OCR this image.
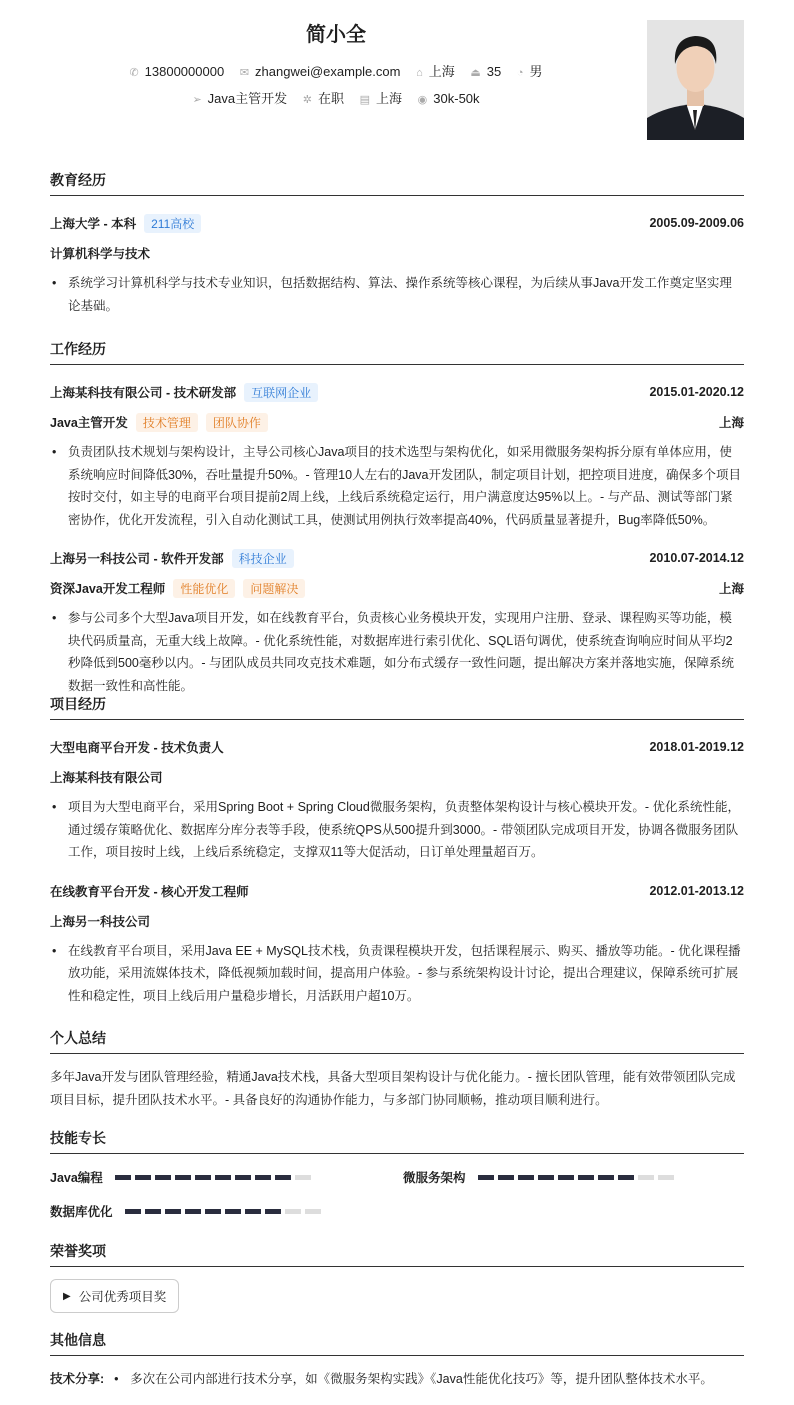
简小全
✆ 13800000000 ✉ zhangwei@example.com ⌂ 上海 ⏏ 35 ◔ 男
➢ Java主管开发 ✲ 在职 ▤ 上海 ◉ 30k-50k
教育经历
上海大学 - 本科	211高校	2005.09-2009.06
计算机科学与技术
• 系统学习计算机科学与技术专业知识，包括数据结构、算法、操作系统等核心课程，为后续从事Java开发工作奠定坚实理论基础。
工作经历
上海某科技有限公司 - 技术研发部	互联网企业	2015.01-2020.12
Java主管开发	技术管理	团队协作	上海
• 负责团队技术规划与架构设计，主导公司核心Java项目的技术选型与架构优化，如采用微服务架构拆分原有单体应用，使系统响应时间降低30%，吞吐量提升50%。- 管理10人左右的Java开发团队，制定项目计划，把控项目进度，确保多个项目按时交付，如主导的电商平台项目提前2周上线，上线后系统稳定运行，用户满意度达95%以上。- 与产品、测试等部门紧密协作，优化开发流程，引入自动化测试工具，使测试用例执行效率提高40%，代码质量显著提升，Bug率降低50%。
上海另一科技公司 - 软件开发部	科技企业	2010.07-2014.12
资深Java开发工程师	性能优化	问题解决	上海
• 参与公司多个大型Java项目开发，如在线教育平台，负责核心业务模块开发，实现用户注册、登录、课程购买等功能，模块代码质量高，无重大线上故障。- 优化系统性能，对数据库进行索引优化、SQL语句调优，使系统查询响应时间从平均2秒降低到500毫秒以内。- 与团队成员共同攻克技术难题，如分布式缓存一致性问题，提出解决方案并落地实施，保障系统数据一致性和高性能。
项目经历
大型电商平台开发 - 技术负责人	2018.01-2019.12
上海某科技有限公司
• 项目为大型电商平台，采用Spring Boot + Spring Cloud微服务架构，负责整体架构设计与核心模块开发。- 优化系统性能，通过缓存策略优化、数据库分库分表等手段，使系统QPS从500提升到3000。- 带领团队完成项目开发，协调各微服务团队工作，项目按时上线，上线后系统稳定，支撑双11等大促活动，日订单处理量超百万。
在线教育平台开发 - 核心开发工程师	2012.01-2013.12
上海另一科技公司
• 在线教育平台项目，采用Java EE + MySQL技术栈，负责课程模块开发，包括课程展示、购买、播放等功能。- 优化课程播放功能，采用流媒体技术，降低视频加载时间，提高用户体验。- 参与系统架构设计讨论，提出合理建议，保障系统可扩展性和稳定性，项目上线后用户量稳步增长，月活跃用户超10万。
个人总结
多年Java开发与团队管理经验，精通Java技术栈，具备大型项目架构设计与优化能力。- 擅长团队管理，能有效带领团队完成项目目标，提升团队技术水平。- 具备良好的沟通协作能力，与多部门协同顺畅，推动项目顺利进行。
技能专长
Java编程	微服务架构
数据库优化
荣誉奖项
▶ 公司优秀项目奖
其他信息
技术分享:	• 多次在公司内部进行技术分享，如《微服务架构实践》《Java性能优化技巧》等，提升团队整体技术水平。
